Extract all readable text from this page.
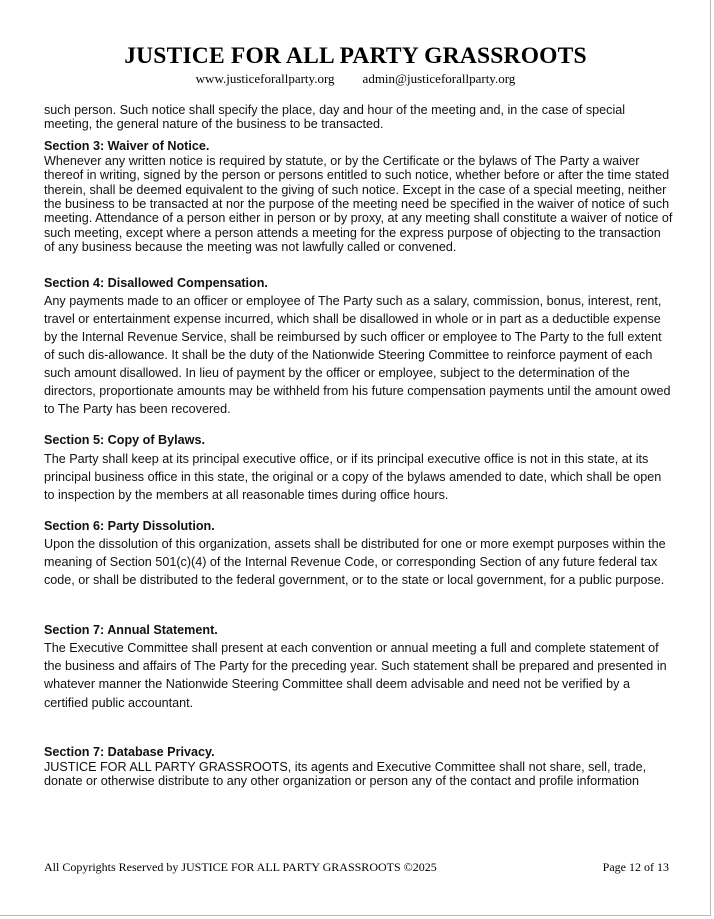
JUSTICE FOR ALL PARTY GRASSROOTS
www.justiceforallparty.org admin@justiceforallparty.org

such person. Such notice shall specify the place, day and hour of the meeting and, in the case of special meeting, the general nature of the business to be transacted.

Section 3: Waiver of Notice.

Whenever any written notice is required by statute, or by the Certificate or the bylaws of The Party a waiver thereof in writing, signed by the person or persons entitled to such notice, whether before or after the time stated therein, shall be deemed equivalent to the giving of such notice. Except in the case of a special meeting, neither the business to be transacted at nor the purpose of the meeting need be specified in the waiver of notice of such meeting. Attendance of a person either in person or by proxy, at any meeting shall constitute a waiver of notice of such meeting, except where a person attends a meeting for the express purpose of objecting to the transaction of any business because the meeting was not lawfully called or convened.

Section 4: Disallowed Compensation.

Any payments made to an officer or employee of The Party such as a salary, commission, bonus, interest, rent, travel or entertainment expense incurred, which shall be disallowed in whole or in part as a deductible expense by the Internal Revenue Service, shall be reimbursed by such officer or employee to The Party to the full extent of such dis-allowance. It shall be the duty of the Nationwide Steering Committee to reinforce payment of each such amount disallowed. In lieu of payment by the officer or employee, subject to the determination of the directors, proportionate amounts may be withheld from his future compensation payments until the amount owed to The Party has been recovered.

Section 5: Copy of Bylaws.

The Party shall keep at its principal executive office, or if its principal executive office is not in this state, at its principal business office in this state, the original or a copy of the bylaws amended to date, which shall be open to inspection by the members at all reasonable times during office hours.

Section 6: Party Dissolution.

Upon the dissolution of this organization, assets shall be distributed for one or more exempt purposes within the meaning of Section 501(c)(4) of the Internal Revenue Code, or corresponding Section of any future federal tax code, or shall be distributed to the federal government, or to the state or local government, for a public purpose.

Section 7: Annual Statement.

The Executive Committee shall present at each convention or annual meeting a full and complete statement of the business and affairs of The Party for the preceding year. Such statement shall be prepared and presented in whatever manner the Nationwide Steering Committee shall deem advisable and need not be verified by a certified public accountant.

Section 7: Database Privacy.

JUSTICE FOR ALL PARTY GRASSROOTS, its agents and Executive Committee shall not share, sell, trade, donate or otherwise distribute to any other organization or person any of the contact and profile information

All Copyrights Reserved by JUSTICE FOR ALL PARTY GRASSROOTS ©2025	Page 12 of 13
